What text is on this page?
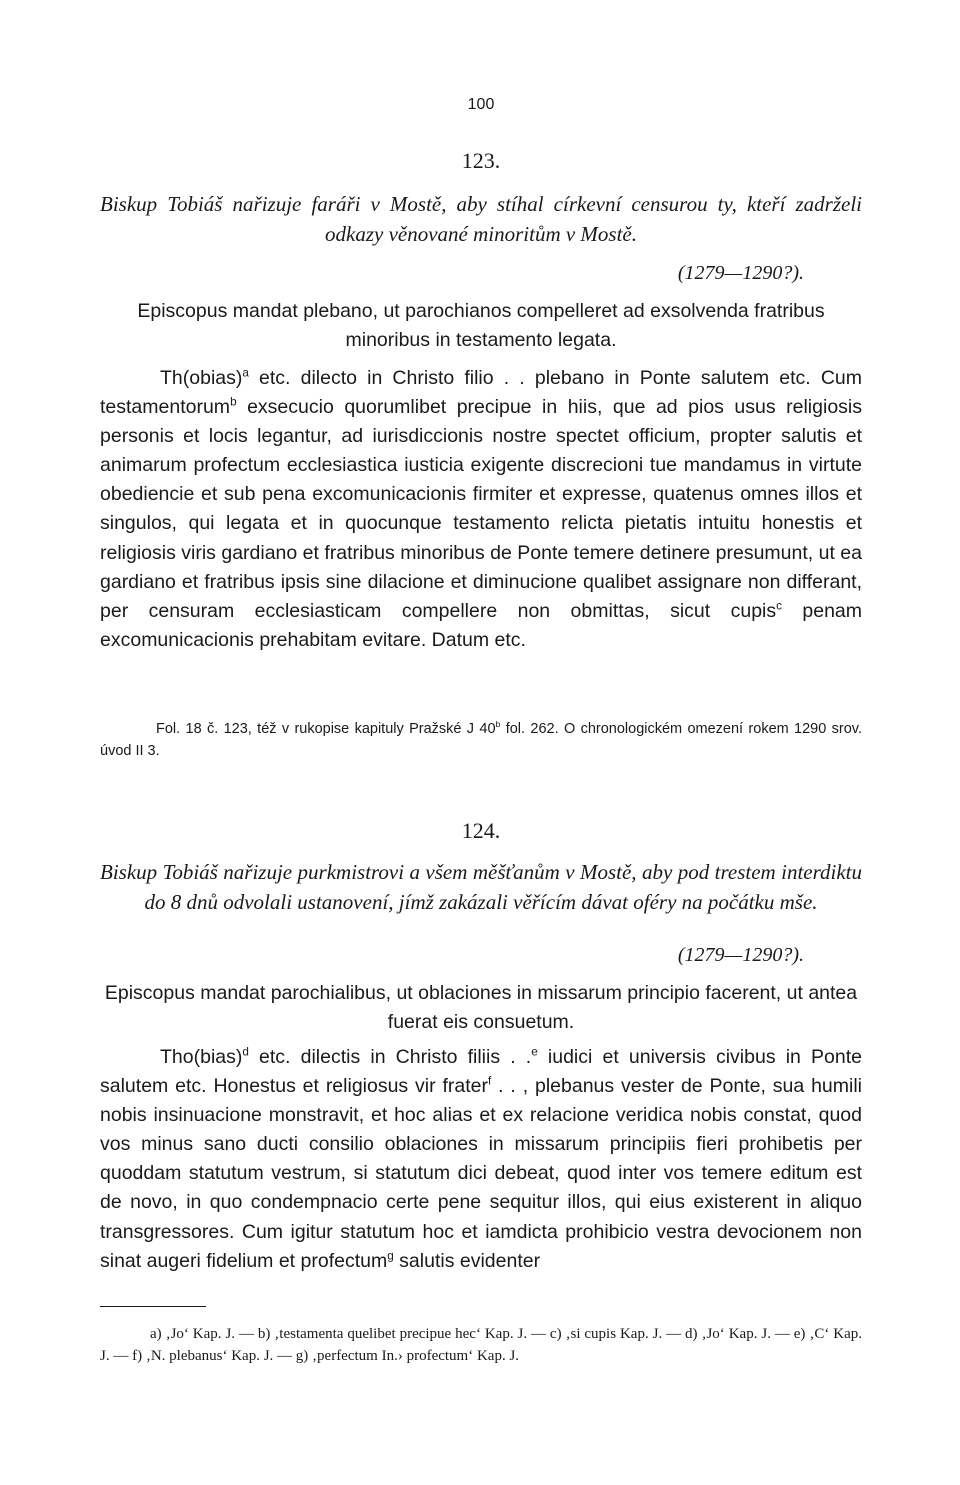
100
123.
Biskup Tobiáš nařizuje faráři v Mostě, aby stíhal církevní censurou ty, kteří zadrželi odkazy věnované minoritům v Mostě.
(1279—1290?).
Episcopus mandat plebano, ut parochianos compelleret ad exsolvenda fratribus minoribus in testamento legata.
Th(obias)$^a$ etc. dilecto in Christo filio . . plebano in Ponte salutem etc. Cum testamentorum$^b$ exsecucio quorumlibet precipue in hiis, que ad pios usus religiosis personis et locis legantur, ad iurisdiccionis nostre spectet officium, propter salutis et animarum profectum ecclesiastica iusticia exigente discrecioni tue mandamus in virtute obediencie et sub pena excomunicacionis firmiter et expresse, quatenus omnes illos et singulos, qui legata et in quocunque testamento relicta pietatis intuitu honestis et religiosis viris gardiano et fratribus minoribus de Ponte temere detinere presumunt, ut ea gardiano et fratribus ipsis sine dilacione et diminucione qualibet assignare non differant, per censuram ecclesiasticam compellere non obmittas, sicut cupis$^c$ penam excomunicacionis prehabitam evitare. Datum etc.
Fol. 18 č. 123, též v rukopise kapituly Pražské J 40$^b$ fol. 262. O chronologickém omezení rokem 1290 srov. úvod II 3.
124.
Biskup Tobiáš nařizuje purkmistrovi a všem měšťanům v Mostě, aby pod trestem interdiktu do 8 dnů odvolali ustanovení, jímž zakázali věřícím dávat oféry na počátku mše.
(1279—1290?).
Episcopus mandat parochialibus, ut oblaciones in missarum principio facerent, ut antea fuerat eis consuetum.
Tho(bias)$^d$ etc. dilectis in Christo filiis . .$^e$ iudici et universis civibus in Ponte salutem etc. Honestus et religiosus vir frater$^f$ . . , plebanus vester de Ponte, sua humili nobis insinuacione monstravit, et hoc alias et ex relacione veridica nobis constat, quod vos minus sano ducti consilio oblaciones in missarum principiis fieri prohibetis per quoddam statutum vestrum, si statutum dici debeat, quod inter vos temere editum est de novo, in quo condempnacio certe pene sequitur illos, qui eius existerent in aliquo transgressores. Cum igitur statutum hoc et iamdicta prohibicio vestra devocionem non sinat augeri fidelium et profectum$^g$ salutis evidenter
a) ‚Jo‘ Kap. J. — b) ‚testamenta quelibet precipue hec‘ Kap. J. — c) ‚si cupis Kap. J. — d) ‚Jo‘ Kap. J. — e) ‚C‘ Kap. J. — f) ‚N. plebanus‘ Kap. J. — g) ‚perfectum In.› profectum‘ Kap. J.
